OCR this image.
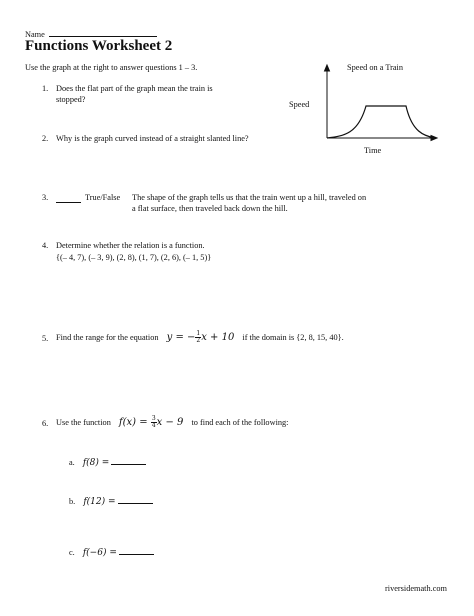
Name
Functions Worksheet 2
Use the graph at the right to answer questions 1 – 3.	Speed on a Train
Speed
Time
1. Does the flat part of the graph mean the train is
stopped?
2. Why is the graph curved instead of a straight slanted line?
3.	True/False The shape of the graph tells us that the train went up a hill, traveled on
a flat surface, then traveled back down the hill.
4. Determine whether the relation is a function.
{(– 4, 7), (– 3, 9), (2, 8), (1, 7), (2, 6), (– 1, 5)}
5. Find the range for the equation y = − $\frac{1}{2}$ x + 10 if the domain is {2, 8, 15, 40}.
6. Use the function $f(x) = \frac{3}{4}$ x − 9 to find each of the following:
a. f(8) =
b. f(12) =
c. f(−6) =
riversidemath.com
